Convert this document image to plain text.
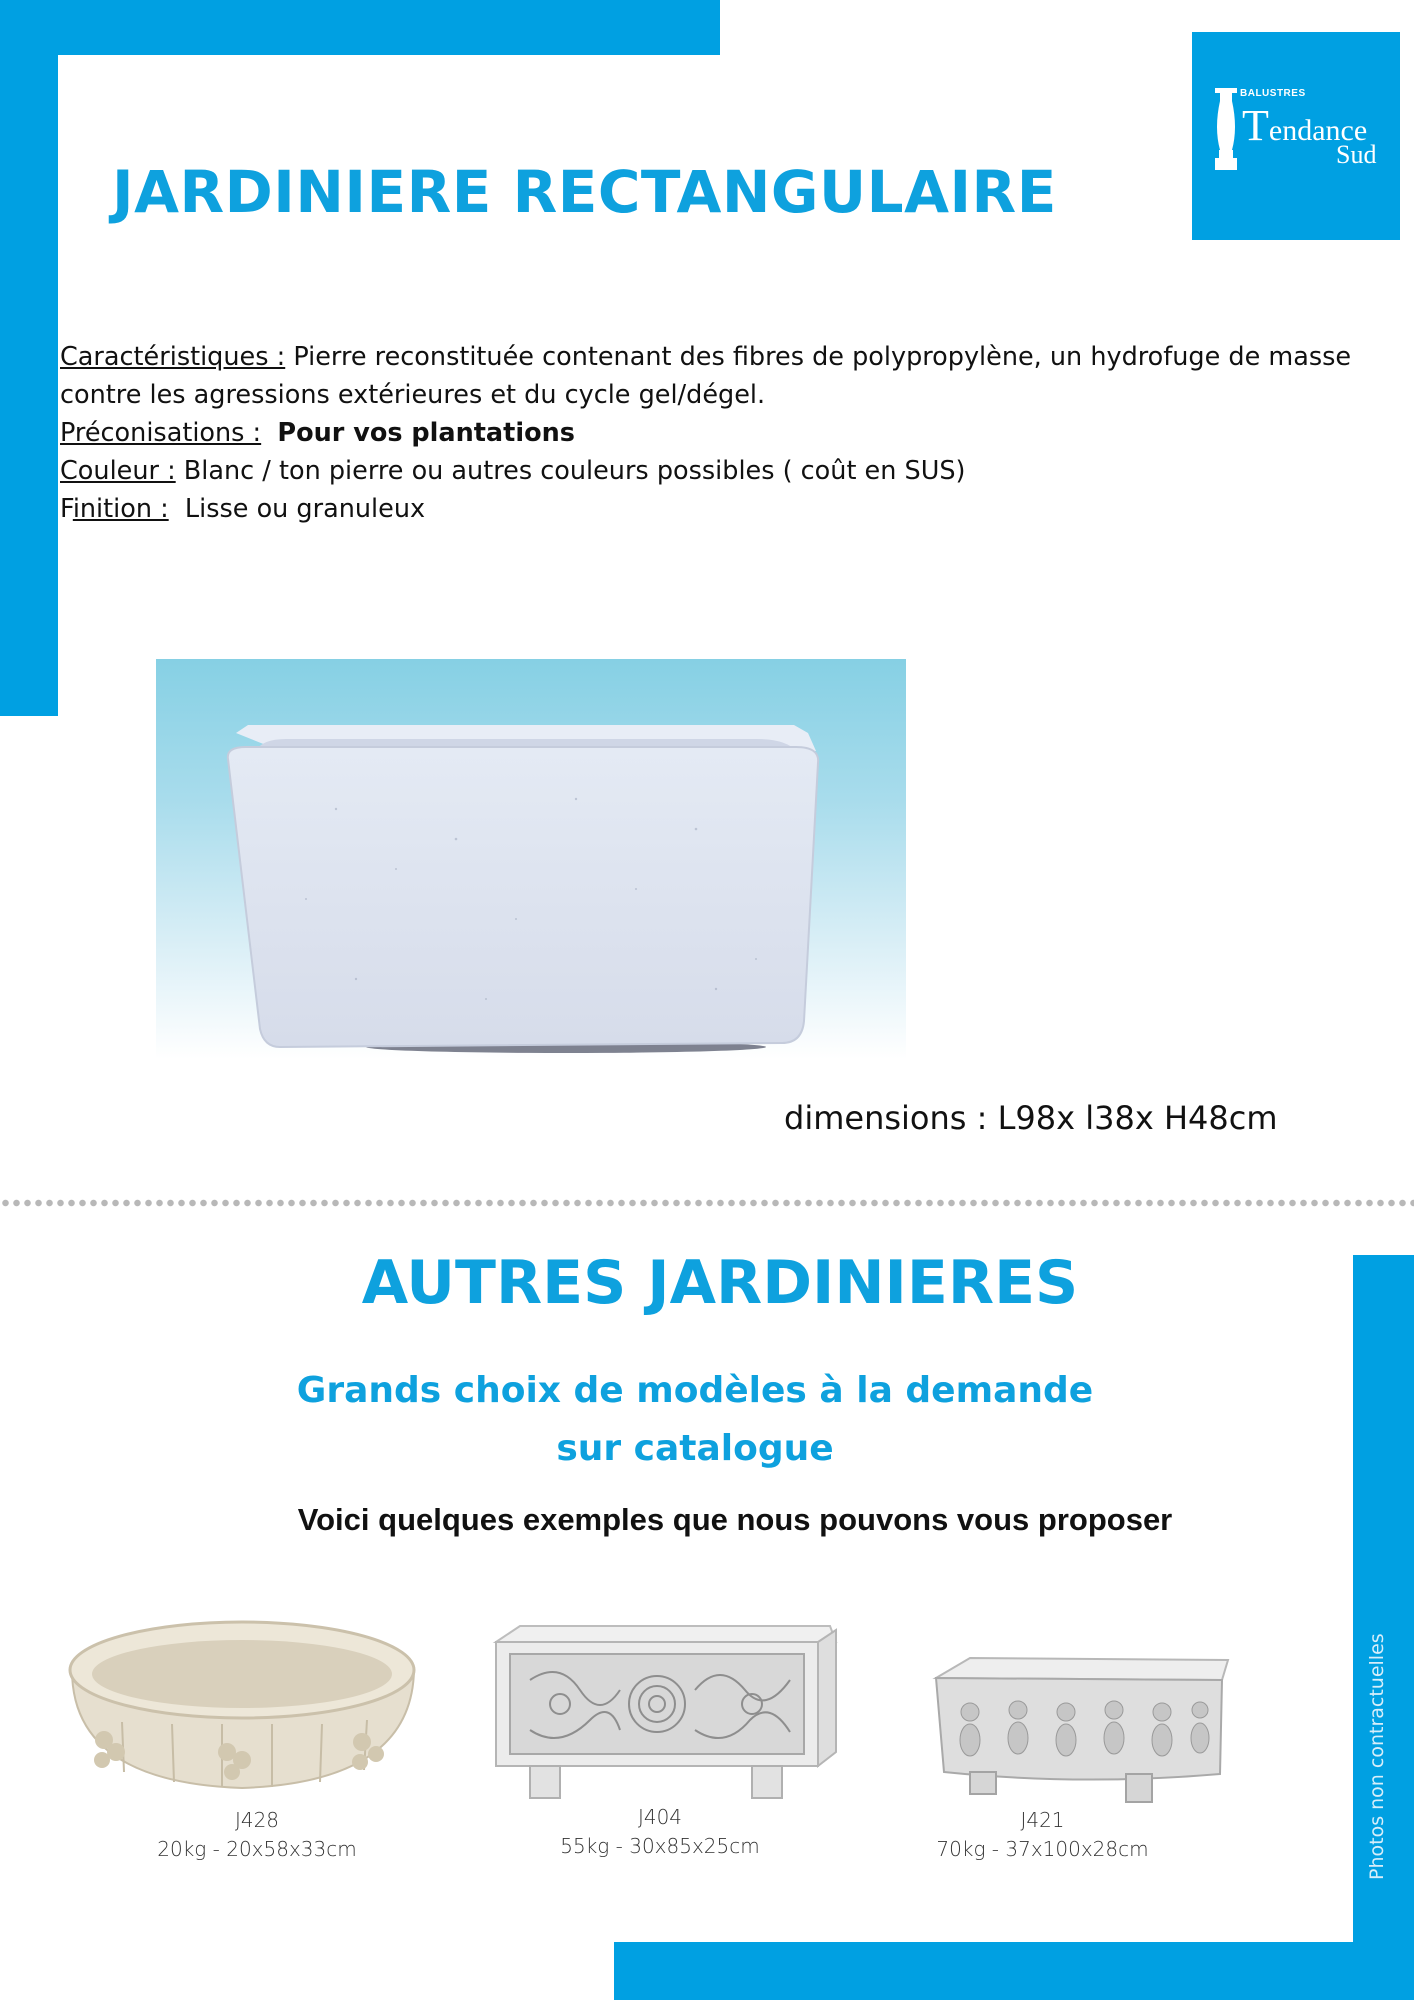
BALUSTRES
Tendance
Sud
JARDINIERE RECTANGULAIRE
Caractéristiques : Pierre reconstituée contenant des fibres de polypropylène, un hydrofuge de masse contre les agressions extérieures et du cycle gel/dégel.
Préconisations : Pour vos plantations
Couleur : Blanc / ton pierre ou autres couleurs possibles ( coût en SUS)
Finition : Lisse ou granuleux
dimensions : L98x l38x H48cm
AUTRES JARDINIERES
Grands choix de modèles à la demande
sur catalogue
Voici quelques exemples que nous pouvons vous proposer
J428
20kg - 20x58x33cm
J404
55kg - 30x85x25cm
J421
70kg - 37x100x28cm	Photos non contractuelles
